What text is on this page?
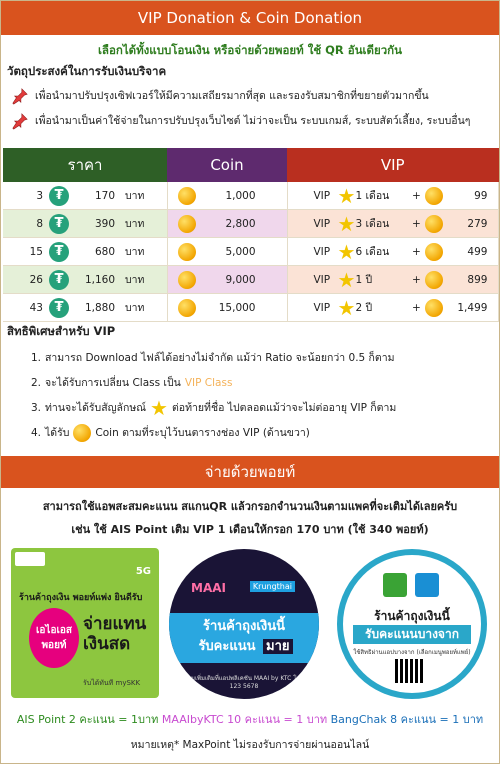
VIP Donation & Coin Donation
เลือกได้ทั้งแบบโอนเงิน หรือจ่ายด้วยพอยท์ ใช้ QR อันเดียวกัน
วัตถุประสงค์ในการรับเงินบริจาค
เพื่อนำมาปรับปรุงเซิฟเวอร์ให้มีความเสถียรมากที่สุด และรองรับสมาชิกที่ขยายตัวมากขึ้น
เพื่อนำมาเป็นค่าใช้จ่ายในการปรับปรุงเว็บไซต์ ไม่ว่าจะเป็น ระบบเกมส์, ระบบสัตว์เลี้ยง, ระบบอื่นๆ
ราคา	Coin	VIP

3 ₮ 170 บาท	1,000	VIP ★ 1 เดือน + 99

8 ₮ 390 บาท	2,800	VIP ★ 3 เดือน + 279

15 ₮ 680 บาท	5,000	VIP ★ 6 เดือน + 499

26 ₮ 1,160 บาท	9,000	VIP ★ 1 ปี + 899

43 ₮ 1,880 บาท	15,000	VIP ★ 2 ปี + 1,499
สิทธิพิเศษสำหรับ VIP
1. สามารถ Download ไฟล์ได้อย่างไม่จำกัด แม้ว่า Ratio จะน้อยกว่า 0.5 ก็ตาม
2. จะได้รับการเปลี่ยน Class เป็น VIP Class
3. ท่านจะได้รับสัญลักษณ์ ★ ต่อท้ายที่ชื่อ ไปตลอดแม้ว่าจะไม่ต่ออายุ VIP ก็ตาม
4. ได้รับ Coin ตามที่ระบุไว้บนตารางช่อง VIP (ด้านขวา)
จ่ายด้วยพอยท์
สามารถใช้แอพสะสมคะแนน สแกนQR แล้วกรอกจำนวนเงินตามแพคที่จะเติมได้เลยครับ
เช่น ใช้ AIS Point เติม VIP 1 เดือนให้กรอก 170 บาท (ใช้ 340 พอยท์)
5G
ร้านค้าถุงเงิน พอยท์แพ่ง ยินดีรับ
เอไอเอส พอยท์
จ่ายแทน
เงินสด
รับได้ทันที mySKK
MAAI	Krungthai
ร้านค้าถุงเงินนี้
รับคะแนน มาย
สอบถามเพิ่มเติมที่แอปพลิเคชัน MAAI by KTC โทร. 02 123 5678
ร้านค้าถุงเงินนี้
รับคะแนนบางจาก
ใช้สิทธิผ่านแอปบางจาก (เลือกเมนูพอยท์แพย์)
AIS Point 2 คะแนน = 1บาท MAAIbyKTC 10 คะแนน = 1 บาท BangChak 8 คะแนน = 1 บาท
หมายเหตุ* MaxPoint ไม่รองรับการจ่ายผ่านออนไลน์
